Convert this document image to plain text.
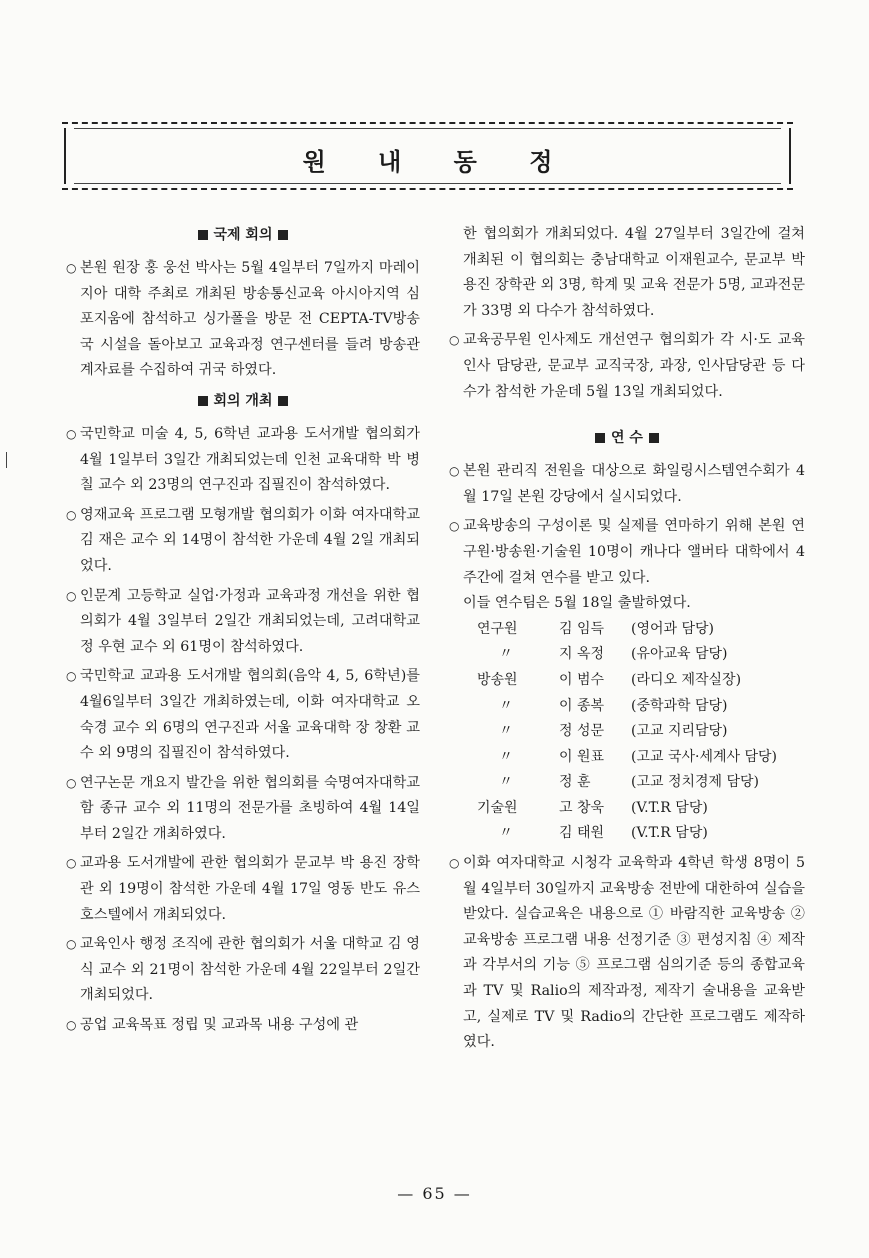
원 내 동 정
국제 회의

○ 본원 원장 홍 웅선 박사는 5월 4일부터 7일까지 마레이지아 대학 주최로 개최된 방송통신교육 아시아지역 심포지움에 참석하고 싱가폴을 방문 전 CEPTA-TV방송국 시설을 돌아보고 교육과정 연구센터를 들려 방송관계자료를 수집하여 귀국 하였다.

회의 개최

○ 국민학교 미술 4, 5, 6학년 교과용 도서개발 협의회가 4월 1일부터 3일간 개최되었는데 인천 교육대학 박 병칠 교수 외 23명의 연구진과 집필진이 참석하였다.

○ 영재교육 프로그램 모형개발 협의회가 이화 여자대학교 김 재은 교수 외 14명이 참석한 가운데 4월 2일 개최되었다.

○ 인문계 고등학교 실업·가정과 교육과정 개선을 위한 협의회가 4월 3일부터 2일간 개최되었는데, 고려대학교 정 우현 교수 외 61명이 참석하였다.

○ 국민학교 교과용 도서개발 협의회(음악 4, 5, 6학년)를 4월6일부터 3일간 개최하였는데, 이화 여자대학교 오 숙경 교수 외 6명의 연구진과 서울 교육대학 장 창환 교수 외 9명의 집필진이 참석하였다.

○ 연구논문 개요지 발간을 위한 협의회를 숙명여자대학교 함 종규 교수 외 11명의 전문가를 초빙하여 4월 14일부터 2일간 개최하였다.

○ 교과용 도서개발에 관한 협의회가 문교부 박 용진 장학관 외 19명이 참석한 가운데 4월 17일 영동 반도 유스호스텔에서 개최되었다.

○ 교육인사 행정 조직에 관한 협의회가 서울 대학교 김 영식 교수 외 21명이 참석한 가운데 4월 22일부터 2일간 개최되었다.

○ 공업 교육목표 정립 및 교과목 내용 구성에 관

한 협의회가 개최되었다. 4월 27일부터 3일간에 걸쳐 개최된 이 협의회는 충남대학교 이재원교수, 문교부 박 용진 장학관 외 3명, 학계 및 교육 전문가 5명, 교과전문가 33명 외 다수가 참석하였다.

○ 교육공무원 인사제도 개선연구 협의회가 각 시·도 교육인사 담당관, 문교부 교직국장, 과장, 인사담당관 등 다수가 참석한 가운데 5월 13일 개최되었다.

연 수

○ 본원 관리직 전원을 대상으로 화일링시스템연수회가 4월 17일 본원 강당에서 실시되었다.

○ 교육방송의 구성이론 및 실제를 연마하기 위해 본원 연구원·방송원·기술원 10명이 캐나다 앨버타 대학에서 4주간에 걸쳐 연수를 받고 있다.

이들 연수팀은 5월 18일 출발하였다.

연구원	김 임득	(영어과 담당)
〃	지 옥정	(유아교육 담당)
방송원	이 범수	(라디오 제작실장)
〃	이 종복	(중학과학 담당)
〃	정 성문	(고교 지리담당)
〃	이 원표	(고교 국사·세계사 담당)
〃	정 훈	(고교 정치경제 담당)
기술원	고 창욱	(V.T.R 담당)
〃	김 태원	(V.T.R 담당)

○ 이화 여자대학교 시청각 교육학과 4학년 학생 8명이 5월 4일부터 30일까지 교육방송 전반에 대한하여 실습을 받았다. 실습교육은 내용으로 ① 바람직한 교육방송 ② 교육방송 프로그램 내용 선정기준 ③ 편성지침 ④ 제작과 각부서의 기능 ⑤ 프로그램 심의기준 등의 종합교육과 TV 및 Ralio의 제작과정, 제작기 술내용을 교육받고, 실제로 TV 및 Radio의 간단한 프로그램도 제작하였다.

— 65 —
